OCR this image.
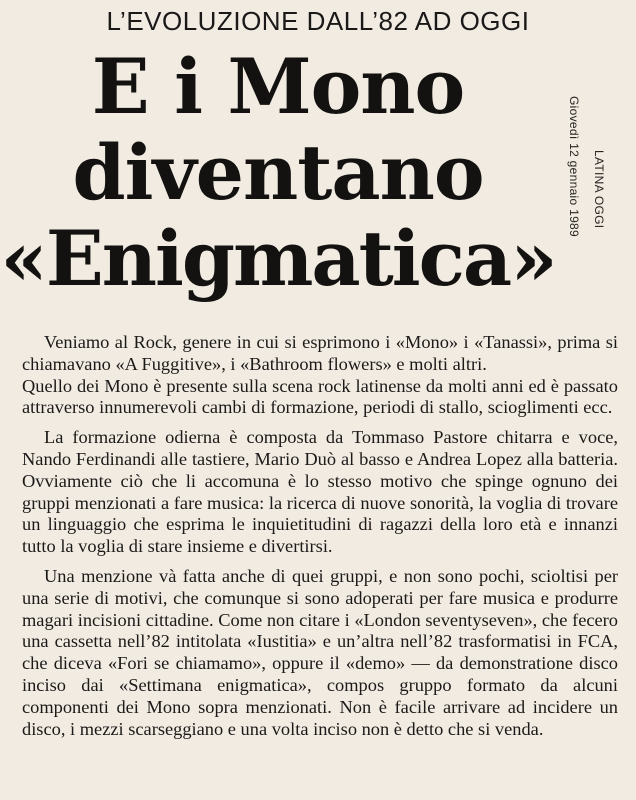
L’EVOLUZIONE DALL’82 AD OGGI
E i Mono
diventano
«Enigmatica»
Giovedì 12 gennaio 1989 LATINA OGGI

Veniamo al Rock, genere in cui si esprimono i «Mono» i «Tanassi», prima si chiamavano «A Fuggitive», i «Bathroom flowers» e molti altri.

Quello dei Mono è presente sulla scena rock latinense da molti anni ed è passato attraverso innumerevoli cambi di formazione, periodi di stallo, scioglimenti ecc.

La formazione odierna è composta da Tommaso Pastore chitarra e voce, Nando Ferdinandi alle tastiere, Mario Duò al basso e Andrea Lopez alla batteria. Ovviamente ciò che li accomuna è lo stesso motivo che spinge ognuno dei gruppi menzionati a fare musica: la ricerca di nuove sonorità, la voglia di trovare un linguaggio che esprima le inquietitudini di ragazzi della loro età e innanzi tutto la voglia di stare insieme e divertirsi.

Una menzione và fatta anche di quei gruppi, e non sono pochi, scioltisi per una serie di motivi, che comunque si sono adoperati per fare musica e produrre magari incisioni cittadine. Come non citare i «London seventyseven», che fecero una cassetta nell’82 intitolata «Iustitia» e un’altra nell’82 trasformatisi in FCA, che diceva «Fori se chiamamo», oppure il «demo» — da demonstratione disco inciso dai «Settimana enigmatica», compos gruppo formato da alcuni componenti dei Mono sopra menzionati. Non è facile arrivare ad incidere un disco, i mezzi scarseggiano e una volta inciso non è detto che si venda.
